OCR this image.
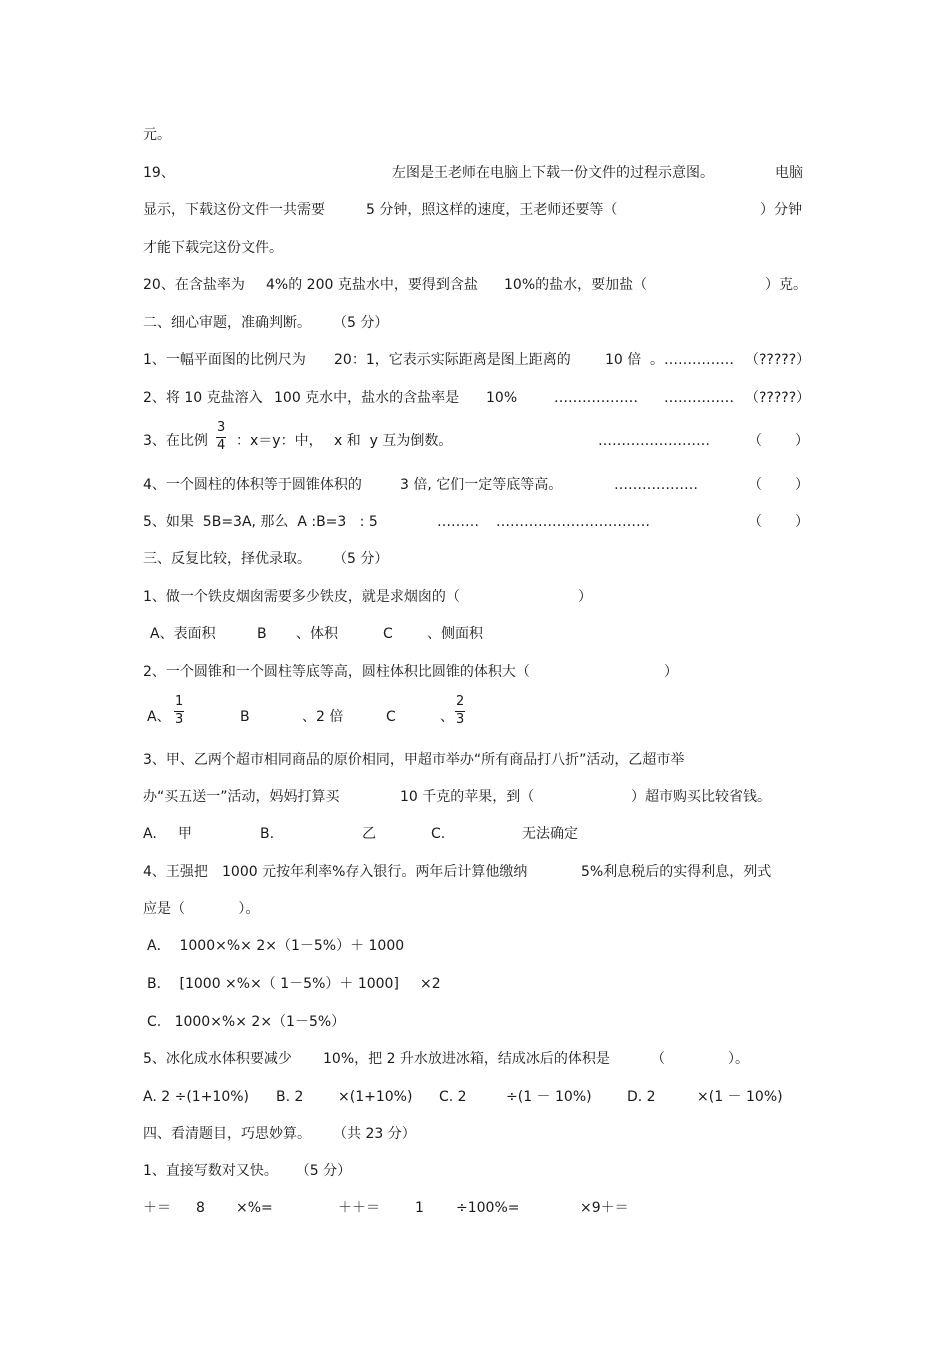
元。
19、	左图是王老师在电脑上下载一份文件的过程示意图。	电脑
显示，下载这份文件一共需要	5 分钟，照这样的速度，王老师还要等（	）分钟
才能下载完这份文件。
20、在含盐率为 4%的 200 克盐水中，要得到含盐 10%的盐水，要加盐（	）克。
二、细心审题，准确判断。 （5 分）
1、一幅平面图的比例尺为 20：1，它表示实际距离是图上距离的 10 倍 。…………… （?????）
2、将 10 克盐溶入 100 克水中，盐水的含盐率是 10%	……………… …………… （?????）
3、在比例
3
4 ：x＝y：中， x 和  y 互为倒数。	……………………	（ ）
4、一个圆柱的体积等于圆锥体积的	3 倍, 它们一定等底等高。	………………	（ ）
5、如果  5B=3A, 那么  A :B=3   : 5	……… ……………………………	（ ）
三、反复比较，择优录取。 （5 分）
1、做一个铁皮烟囱需要多少铁皮，就是求烟囱的（	）
A、表面积	B 、体积	C 、侧面积
2、一个圆锥和一个圆柱等底等高，圆柱体积比圆锥的体积大（	）
A、
1
3	B	、2 倍	C	、
2
3
3、甲、乙两个超市相同商品的原价相同，甲超市举办“所有商品打八折”活动，乙超市举
办“买五送一”活动，妈妈打算买	10 千克的苹果，到（	）超市购买比较省钱。
A. 甲	B.	乙	C.	无法确定
4、王强把 1000 元按年利率%存入银行。两年后计算他缴纳	5%利息税后的实得利息，列式
应是（            ）。
A．  1000×%× 2×（1－5%）＋ 1000
B．  [1000 ×%×（ 1－5%）＋ 1000] ×2
C.   1000×%× 2×（1－5%）
5、冰化成水体积要减少 10%，把 2 升水放进冰箱，结成冰后的体积是	（	）。
A. 2 ÷(1+10%) B. 2 ×(1+10%) C. 2	÷(1 － 10%)	D. 2	×(1 － 10%)
四、看清题目，巧思妙算。 （共 23 分）
1、直接写数对又快。    （5 分）
＋＝ 8 ×%=	＋＋＝	1 ÷100%=	×9＋＝
